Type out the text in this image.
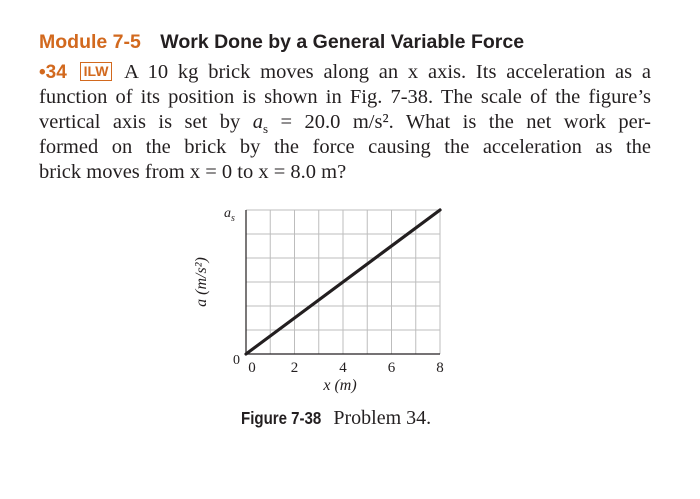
Module 7-5 Work Done by a General Variable Force
•34 ILW A 10 kg brick moves along an x axis. Its acceleration as a
function of its position is shown in Fig. 7-38. The scale of the figure’s
vertical axis is set by $a_s = 20.0$ m/s². What is the net work per-
formed on the brick by the force causing the acceleration as the
brick moves from x = 0 to x = 8.0 m?
$a_s$
0 0 2	4	6	8
x (m)
a (m/s²)
Figure 7-38 Problem 34.
